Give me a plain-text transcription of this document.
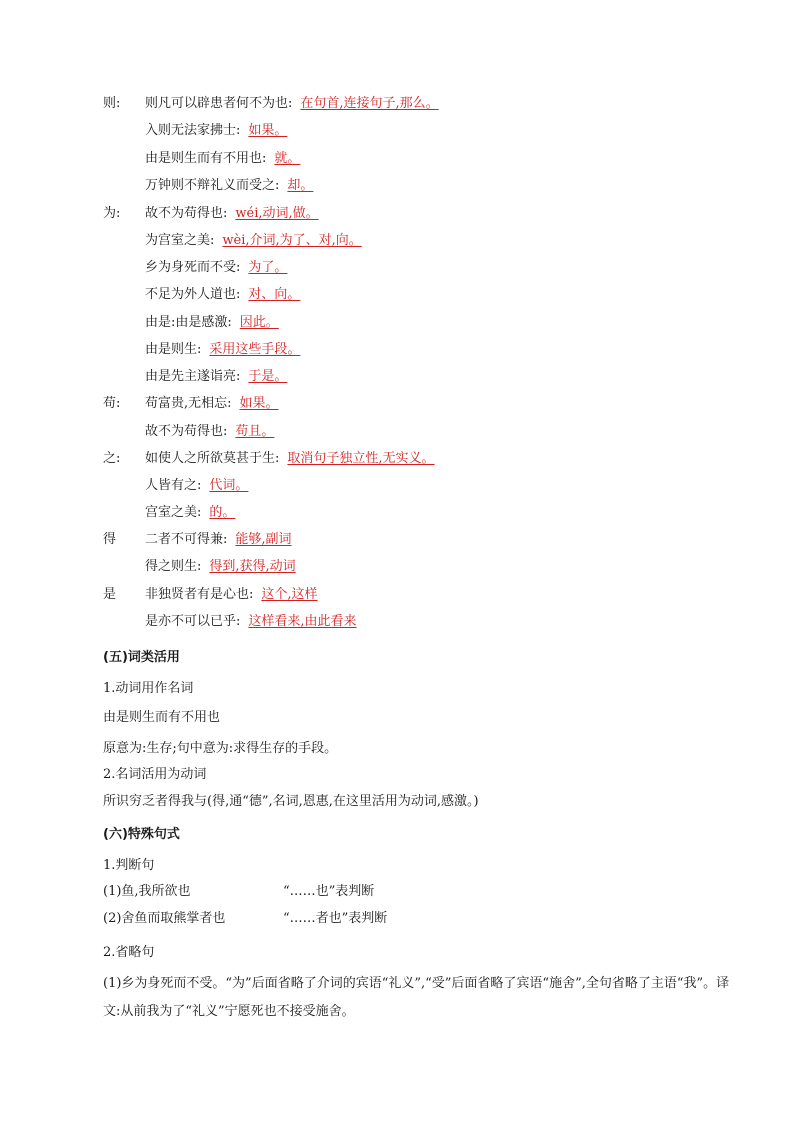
则: 则凡可以辟患者何不为也: 在句首,连接句子,那么。
入则无法家拂士: 如果。
由是则生而有不用也: 就。
万钟则不辩礼义而受之: 却。
为: 故不为苟得也: wéi,动词,做。
为宫室之美: wèi,介词,为了、对,向。
乡为身死而不受: 为了。
不足为外人道也: 对、向。
由是:由是感激: 因此。
由是则生: 采用这些手段。
由是先主遂诣亮: 于是。
苟: 苟富贵,无相忘: 如果。
故不为苟得也: 苟且。
之: 如使人之所欲莫甚于生: 取消句子独立性,无实义。
人皆有之: 代词。
宫室之美: 的。
得 二者不可得兼: 能够,副词
得之则生: 得到,获得,动词
是 非独贤者有是心也: 这个,这样
是亦不可以已乎: 这样看来,由此看来
(五)词类活用
1.动词用作名词
由是则生而有不用也
原意为:生存;句中意为:求得生存的手段。
2.名词活用为动词
所识穷乏者得我与(得,通“德”,名词,恩惠,在这里活用为动词,感激。)
(六)特殊句式
1.判断句
(1)鱼,我所欲也	“……也”表判断
(2)舍鱼而取熊掌者也	“……者也”表判断
2.省略句
(1)乡为身死而不受。“为”后面省略了介词的宾语“礼义”,“受”后面省略了宾语“施舍”,全句省略了主语“我”。译文:从前我为了“礼义”宁愿死也不接受施舍。
